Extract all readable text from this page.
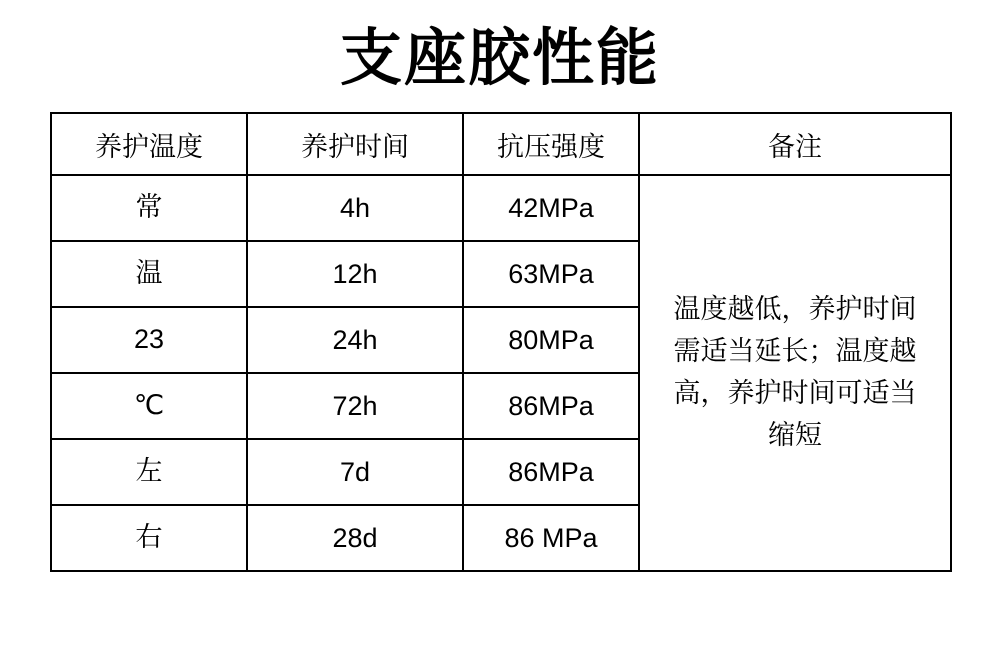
支座胶性能
养护温度	养护时间	抗压强度	备注
常	4h	42MPa	温度越低，养护时间
需适当延长；温度越
高，养护时间可适当
缩短

温	12h	63MPa	
23	24h	80MPa	
℃	72h	86MPa	
左	7d	86MPa	
右	28d	86 MPa	
